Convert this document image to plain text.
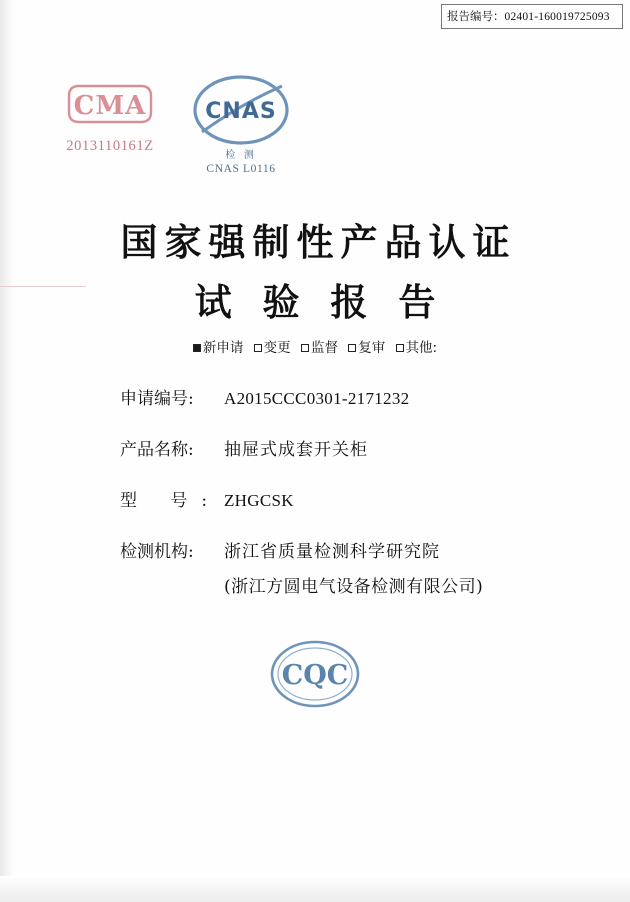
报告编号：02401-160019725093
CMA
2013110161Z
CNAS
检 测
CNAS L0116
国家强制性产品认证
试 验 报 告
新申请 变更 监督 复审 其他:
申请编号:	A2015CCC0301-2171232
产品名称:	抽屉式成套开关柜
型 号: ZHGCSK
检测机构:	浙江省质量检测科学研究院
(浙江方圆电气设备检测有限公司)
CQC
